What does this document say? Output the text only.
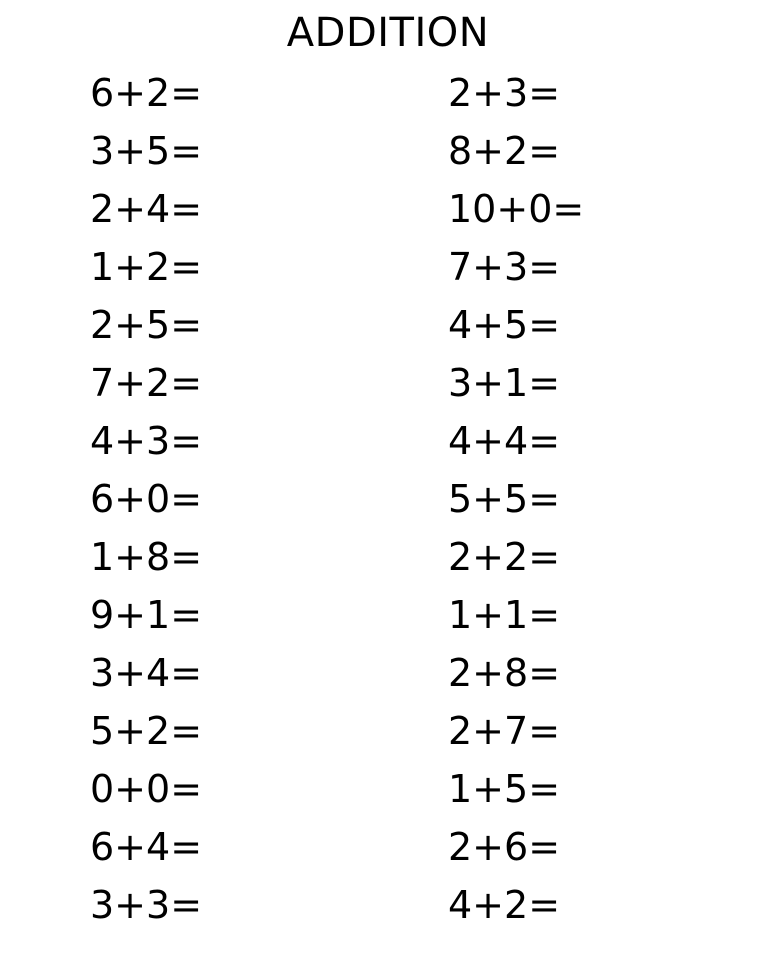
ADDITION
6+2=
3+5=
2+4=
1+2=
2+5=
7+2=
4+3=
6+0=
1+8=
9+1=
3+4=
5+2=
0+0=
6+4=
3+3=
2+3=
8+2=
10+0=
7+3=
4+5=
3+1=
4+4=
5+5=
2+2=
1+1=
2+8=
2+7=
1+5=
2+6=
4+2=
